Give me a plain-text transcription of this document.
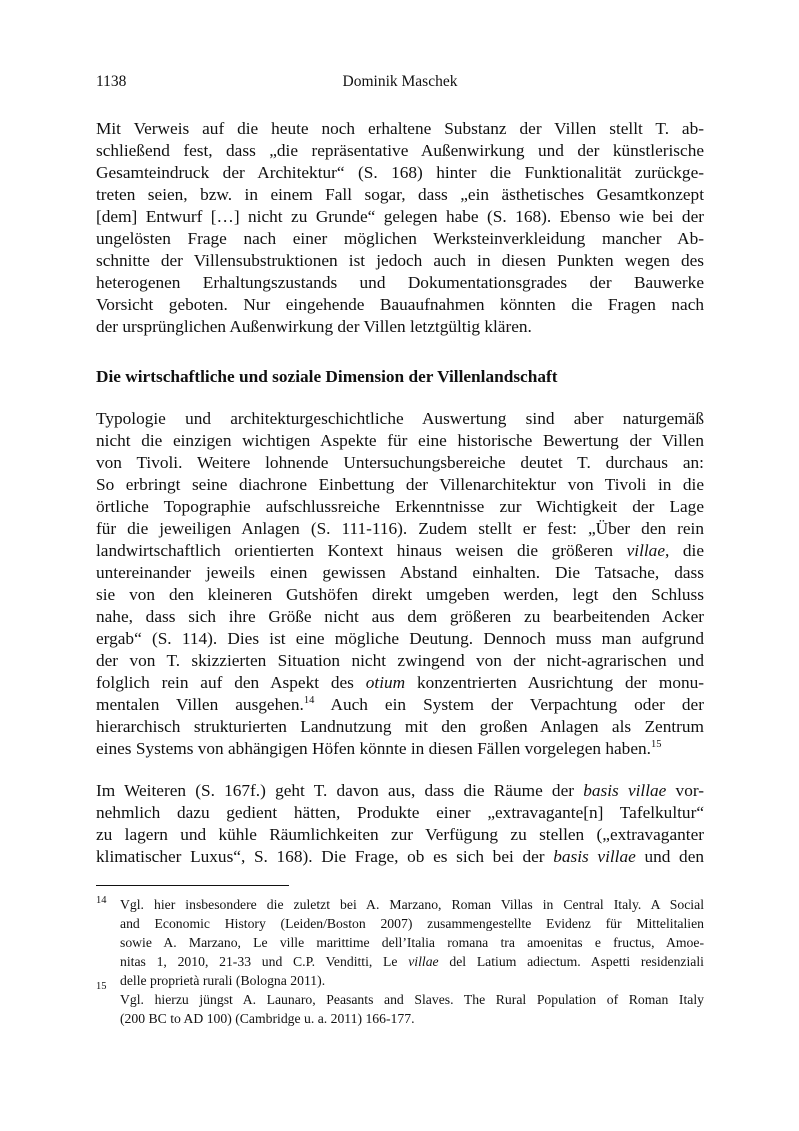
1138	Dominik Maschek
Mit Verweis auf die heute noch erhaltene Substanz der Villen stellt T. ab-
schließend fest, dass „die repräsentative Außenwirkung und der künstlerische
Gesamteindruck der Architektur“ (S. 168) hinter die Funktionalität zurückge-
treten seien, bzw. in einem Fall sogar, dass „ein ästhetisches Gesamtkonzept
[dem] Entwurf […] nicht zu Grunde“ gelegen habe (S. 168). Ebenso wie bei der
ungelösten Frage nach einer möglichen Werksteinverkleidung mancher Ab-
schnitte der Villensubstruktionen ist jedoch auch in diesen Punkten wegen des
heterogenen Erhaltungszustands und Dokumentationsgrades der Bauwerke
Vorsicht geboten. Nur eingehende Bauaufnahmen könnten die Fragen nach
der ursprünglichen Außenwirkung der Villen letztgültig klären.
Die wirtschaftliche und soziale Dimension der Villenlandschaft
Typologie und architekturgeschichtliche Auswertung sind aber naturgemäß
nicht die einzigen wichtigen Aspekte für eine historische Bewertung der Villen
von Tivoli. Weitere lohnende Untersuchungsbereiche deutet T. durchaus an:
So erbringt seine diachrone Einbettung der Villenarchitektur von Tivoli in die
örtliche Topographie aufschlussreiche Erkenntnisse zur Wichtigkeit der Lage
für die jeweiligen Anlagen (S. 111-116). Zudem stellt er fest: „Über den rein
landwirtschaftlich orientierten Kontext hinaus weisen die größeren villae, die
untereinander jeweils einen gewissen Abstand einhalten. Die Tatsache, dass
sie von den kleineren Gutshöfen direkt umgeben werden, legt den Schluss
nahe, dass sich ihre Größe nicht aus dem größeren zu bearbeitenden Acker
ergab“ (S. 114). Dies ist eine mögliche Deutung. Dennoch muss man aufgrund
der von T. skizzierten Situation nicht zwingend von der nicht-agrarischen und
folglich rein auf den Aspekt des otium konzentrierten Ausrichtung der monu-
mentalen Villen ausgehen.$^{14}$ Auch ein System der Verpachtung oder der
hierarchisch strukturierten Landnutzung mit den großen Anlagen als Zentrum
eines Systems von abhängigen Höfen könnte in diesen Fällen vorgelegen haben.$^{15}$
Im Weiteren (S. 167f.) geht T. davon aus, dass die Räume der basis villae vor-
nehmlich dazu gedient hätten, Produkte einer „extravagante[n] Tafelkultur“
zu lagern und kühle Räumlichkeiten zur Verfügung zu stellen („extravaganter
klimatischer Luxus“, S. 168). Die Frage, ob es sich bei der basis villae und den
14 Vgl. hier insbesondere die zuletzt bei A. Marzano, Roman Villas in Central Italy. A Social
and Economic History (Leiden/Boston 2007) zusammengestellte Evidenz für Mittelitalien
sowie A. Marzano, Le ville marittime dell’Italia romana tra amoenitas e fructus, Amoe-
nitas 1, 2010, 21-33 und C.P. Venditti, Le villae del Latium adiectum. Aspetti residenziali
delle proprietà rurali (Bologna 2011).
15
Vgl. hierzu jüngst A. Launaro, Peasants and Slaves. The Rural Population of Roman Italy
(200 BC to AD 100) (Cambridge u. a. 2011) 166-177.
